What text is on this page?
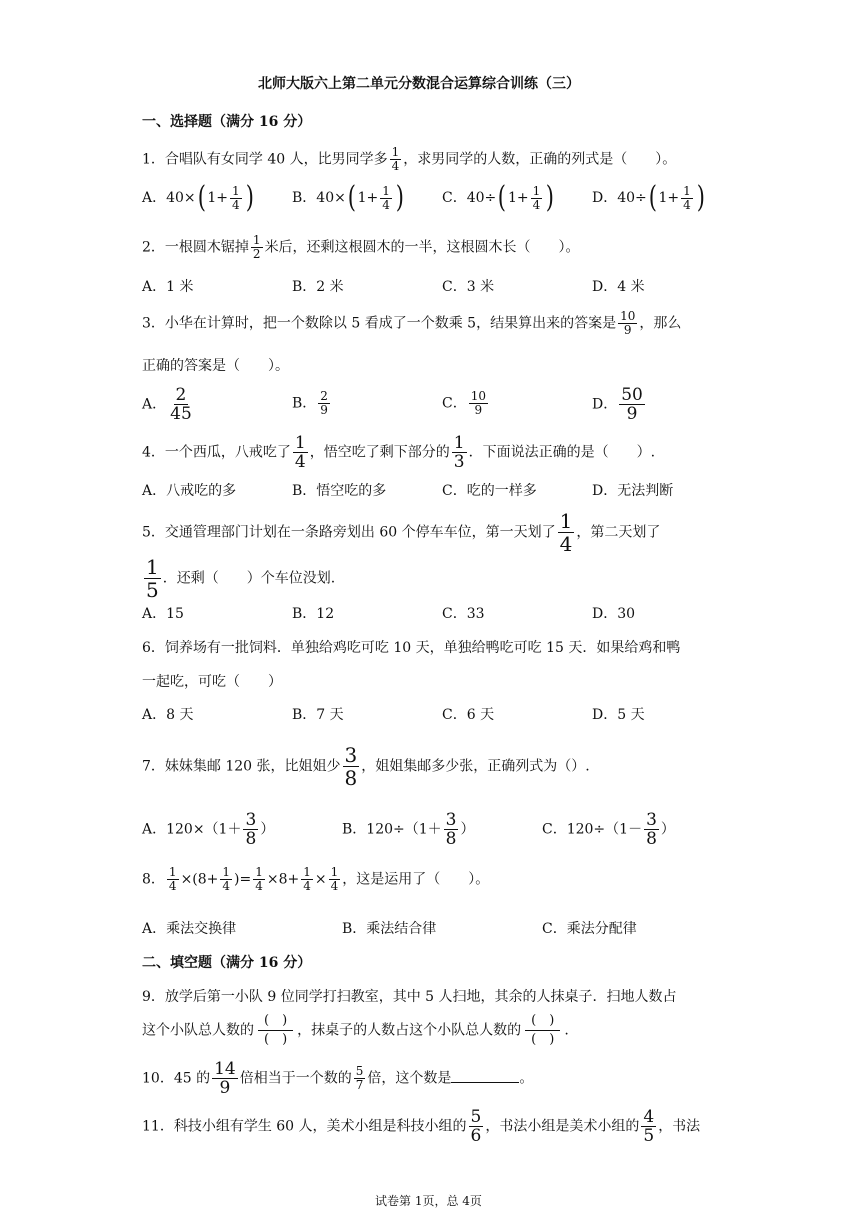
北师大版六上第二单元分数混合运算综合训练（三）
一、选择题（满分 16 分）
1．合唱队有女同学 40 人，比男同学多 $\frac{1}{4}$ ，求男同学的人数，正确的列式是（　　）。
A．40×( $1+ \frac{1}{4}$ )	B．40×( $1+ \frac{1}{4}$ )	C．40÷( $1+ \frac{1}{4}$ )	D．40÷( $1+ \frac{1}{4}$ )
2．一根圆木锯掉 $\frac{1}{2}$ 米后，还剩这根圆木的一半，这根圆木长（　　）。
A．1 米	B．2 米	C．3 米	D．4 米
3．小华在计算时，把一个数除以 5 看成了一个数乘 5，结果算出来的答案是 $\frac{10}{9}$ ，那么
正确的答案是（　　）。
A． $\frac{2}{45}$	B． $\frac{2}{9}$	C． $\frac{10}{9}$	D． $\frac{50}{9}$
4．一个西瓜，八戒吃了 $\frac{1}{4}$ ，悟空吃了剩下部分的 $\frac{1}{3}$ ．下面说法正确的是（　　）.
A．八戒吃的多	B．悟空吃的多	C．吃的一样多	D．无法判断
5．交通管理部门计划在一条路旁划出 60 个停车车位，第一天划了 $\frac{1}{4}$ ，第二天划了
$\frac{1}{5}$ ．还剩（　　）个车位没划.
A．15	B．12	C．33	D．30
6．饲养场有一批饲料．单独给鸡吃可吃 10 天，单独给鸭吃可吃 15 天．如果给鸡和鸭
一起吃，可吃（　　）
A．8 天	B．7 天	C．6 天	D．5 天
7．妹妹集邮 120 张，比姐姐少 $\frac{3}{8}$ ，姐姐集邮多少张，正确列式为（）.
A．$120\times(1+ \frac{3}{8}$ ）	B．$120\div(1+ \frac{3}{8}$ ）	C．$120\div(1- \frac{3}{8}$ ）
8． $\frac{1}{4} \times(8+ \frac{1}{4}$ )= $\frac{1}{4} \times 8+ \frac{1}{4} \times \frac{1}{4}$ ，这是运用了（　　）。
A．乘法交换律	B．乘法结合律	C．乘法分配律
二、填空题（满分 16 分）
9．放学后第一小队 9 位同学打扫教室，其中 5 人扫地，其余的人抹桌子．扫地人数占
这个小队总人数的 $\frac{( )}{( )}$ ，抹桌子的人数占这个小队总人数的 $\frac{( )}{( )}$ .
10．45 的 $\frac{14}{9}$ 倍相当于一个数的 $\frac{5}{7}$ 倍，这个数是	。
11．科技小组有学生 60 人，美术小组是科技小组的 $\frac{5}{6}$ ，书法小组是美术小组的 $\frac{4}{5}$ ，书法
试卷第 1页，总 4页
